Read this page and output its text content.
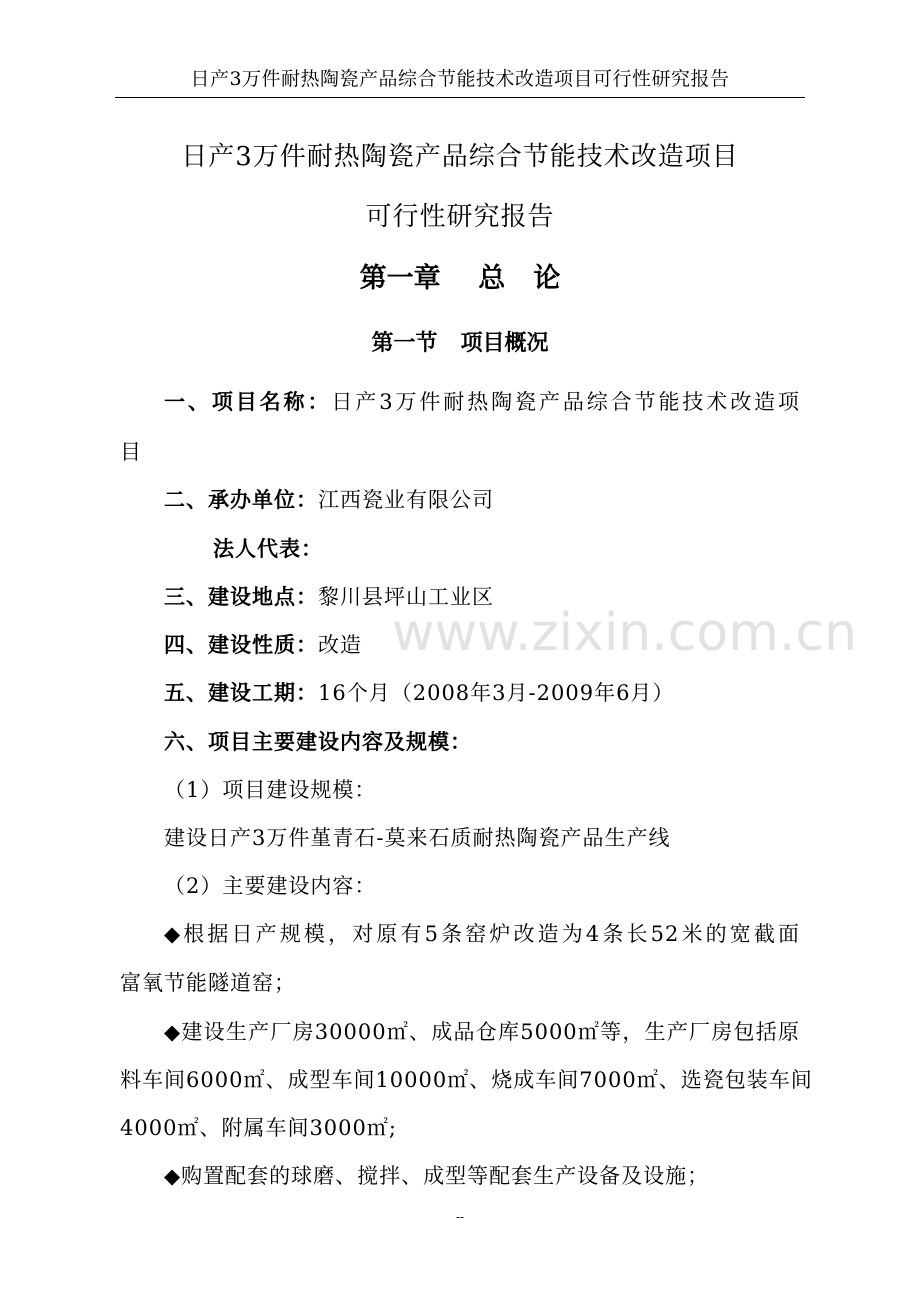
日产3万件耐热陶瓷产品综合节能技术改造项目可行性研究报告
日产3万件耐热陶瓷产品综合节能技术改造项目
可行性研究报告
第一章    总   论
第一节   项目概况
一、项目名称：日产3万件耐热陶瓷产品综合节能技术改造项
目
二、承办单位：江西瓷业有限公司
法人代表：
三、建设地点：黎川县坪山工业区
四、建设性质：改造
五、建设工期：16个月（2008年3月-2009年6月）
六、项目主要建设内容及规模：
（1）项目建设规模：
建设日产3万件堇青石-莫来石质耐热陶瓷产品生产线
（2）主要建设内容：
◆根据日产规模，对原有5条窑炉改造为4条长52米的宽截面
富氧节能隧道窑；
◆建设生产厂房30000㎡、成品仓库5000㎡等，生产厂房包括原
料车间6000㎡、成型车间10000㎡、烧成车间7000㎡、选瓷包装车间
4000㎡、附属车间3000㎡;
◆购置配套的球磨、搅拌、成型等配套生产设备及设施；
www.zixin.com.cn
--
